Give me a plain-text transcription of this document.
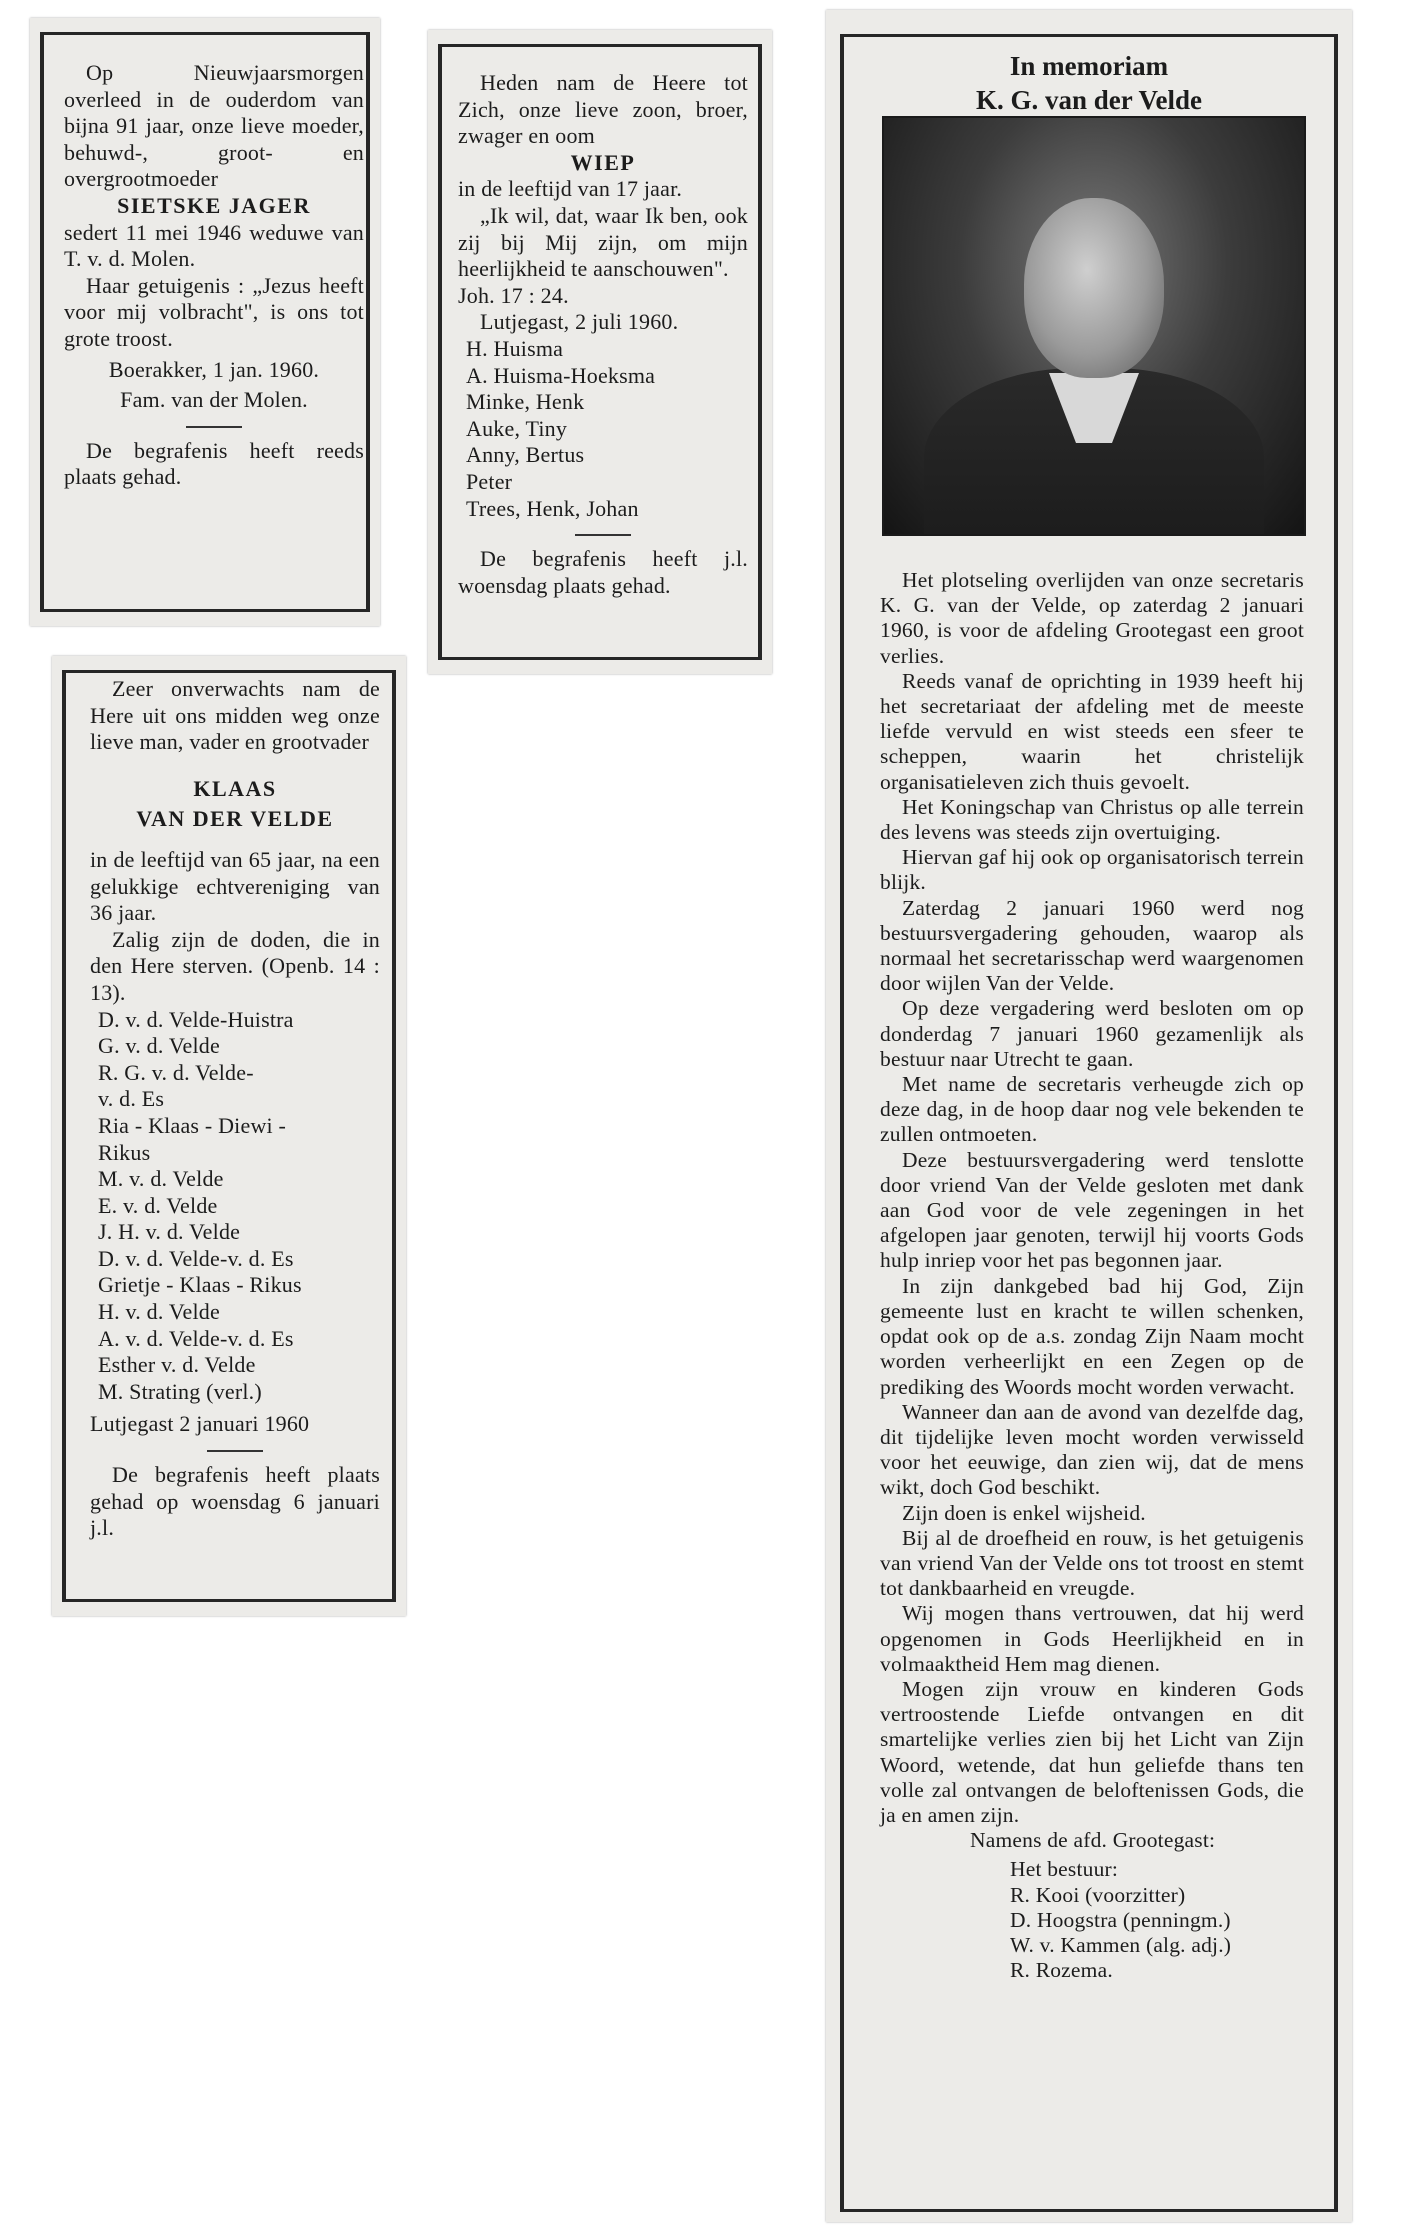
Op Nieuwjaarsmorgen overleed in de ouderdom van bijna 91 jaar, onze lieve moeder, behuwd-, groot- en overgrootmoeder

SIETSKE JAGER

sedert 11 mei 1946 weduwe van T. v. d. Molen.

Haar getuigenis : „Jezus heeft voor mij volbracht", is ons tot grote troost.

Boerakker, 1 jan. 1960.

Fam. van der Molen.

De begrafenis heeft reeds plaats gehad.

Heden nam de Heere tot Zich, onze lieve zoon, broer, zwager en oom

WIEP

in de leeftijd van 17 jaar.

„Ik wil, dat, waar Ik ben, ook zij bij Mij zijn, om mijn heerlijkheid te aanschouwen".

Joh. 17 : 24.

Lutjegast, 2 juli 1960.

H. Huisma

A. Huisma-Hoeksma

Minke, Henk

Auke, Tiny

Anny, Bertus

Peter

Trees, Henk, Johan

De begrafenis heeft j.l. woensdag plaats gehad.

Zeer onverwachts nam de Here uit ons midden weg onze lieve man, vader en grootvader

KLAAS

VAN DER VELDE

in de leeftijd van 65 jaar, na een gelukkige echtvereniging van 36 jaar.

Zalig zijn de doden, die in den Here sterven. (Openb. 14 : 13).

D. v. d. Velde-Huistra

G. v. d. Velde

R. G. v. d. Velde-

v. d. Es

Ria - Klaas - Diewi -

Rikus

M. v. d. Velde

E. v. d. Velde

J. H. v. d. Velde

D. v. d. Velde-v. d. Es

Grietje - Klaas - Rikus

H. v. d. Velde

A. v. d. Velde-v. d. Es

Esther v. d. Velde

M. Strating (verl.)

Lutjegast 2 januari 1960

De begrafenis heeft plaats gehad op woensdag 6 januari j.l.

In memoriam
K. G. van der Velde

Het plotseling overlijden van onze secretaris K. G. van der Velde, op zaterdag 2 januari 1960, is voor de afdeling Grootegast een groot verlies.

Reeds vanaf de oprichting in 1939 heeft hij het secretariaat der afdeling met de meeste liefde vervuld en wist steeds een sfeer te scheppen, waarin het christelijk organisatieleven zich thuis gevoelt.

Het Koningschap van Christus op alle terrein des levens was steeds zijn overtuiging.

Hiervan gaf hij ook op organisatorisch terrein blijk.

Zaterdag 2 januari 1960 werd nog bestuursvergadering gehouden, waarop als normaal het secretarisschap werd waargenomen door wijlen Van der Velde.

Op deze vergadering werd besloten om op donderdag 7 januari 1960 gezamenlijk als bestuur naar Utrecht te gaan.

Met name de secretaris verheugde zich op deze dag, in de hoop daar nog vele bekenden te zullen ontmoeten.

Deze bestuursvergadering werd tenslotte door vriend Van der Velde gesloten met dank aan God voor de vele zegeningen in het afgelopen jaar genoten, terwijl hij voorts Gods hulp inriep voor het pas begonnen jaar.

In zijn dankgebed bad hij God, Zijn gemeente lust en kracht te willen schenken, opdat ook op de a.s. zondag Zijn Naam mocht worden verheerlijkt en een Zegen op de prediking des Woords mocht worden verwacht.

Wanneer dan aan de avond van dezelfde dag, dit tijdelijke leven mocht worden verwisseld voor het eeuwige, dan zien wij, dat de mens wikt, doch God beschikt.

Zijn doen is enkel wijsheid.

Bij al de droefheid en rouw, is het getuigenis van vriend Van der Velde ons tot troost en stemt tot dankbaarheid en vreugde.

Wij mogen thans vertrouwen, dat hij werd opgenomen in Gods Heerlijkheid en in volmaaktheid Hem mag dienen.

Mogen zijn vrouw en kinderen Gods vertroostende Liefde ontvangen en dit smartelijke verlies zien bij het Licht van Zijn Woord, wetende, dat hun geliefde thans ten volle zal ontvangen de beloftenissen Gods, die ja en amen zijn.

Namens de afd. Grootegast:

Het bestuur:

R. Kooi (voorzitter)

D. Hoogstra (penningm.)

W. v. Kammen (alg. adj.)

R. Rozema.
